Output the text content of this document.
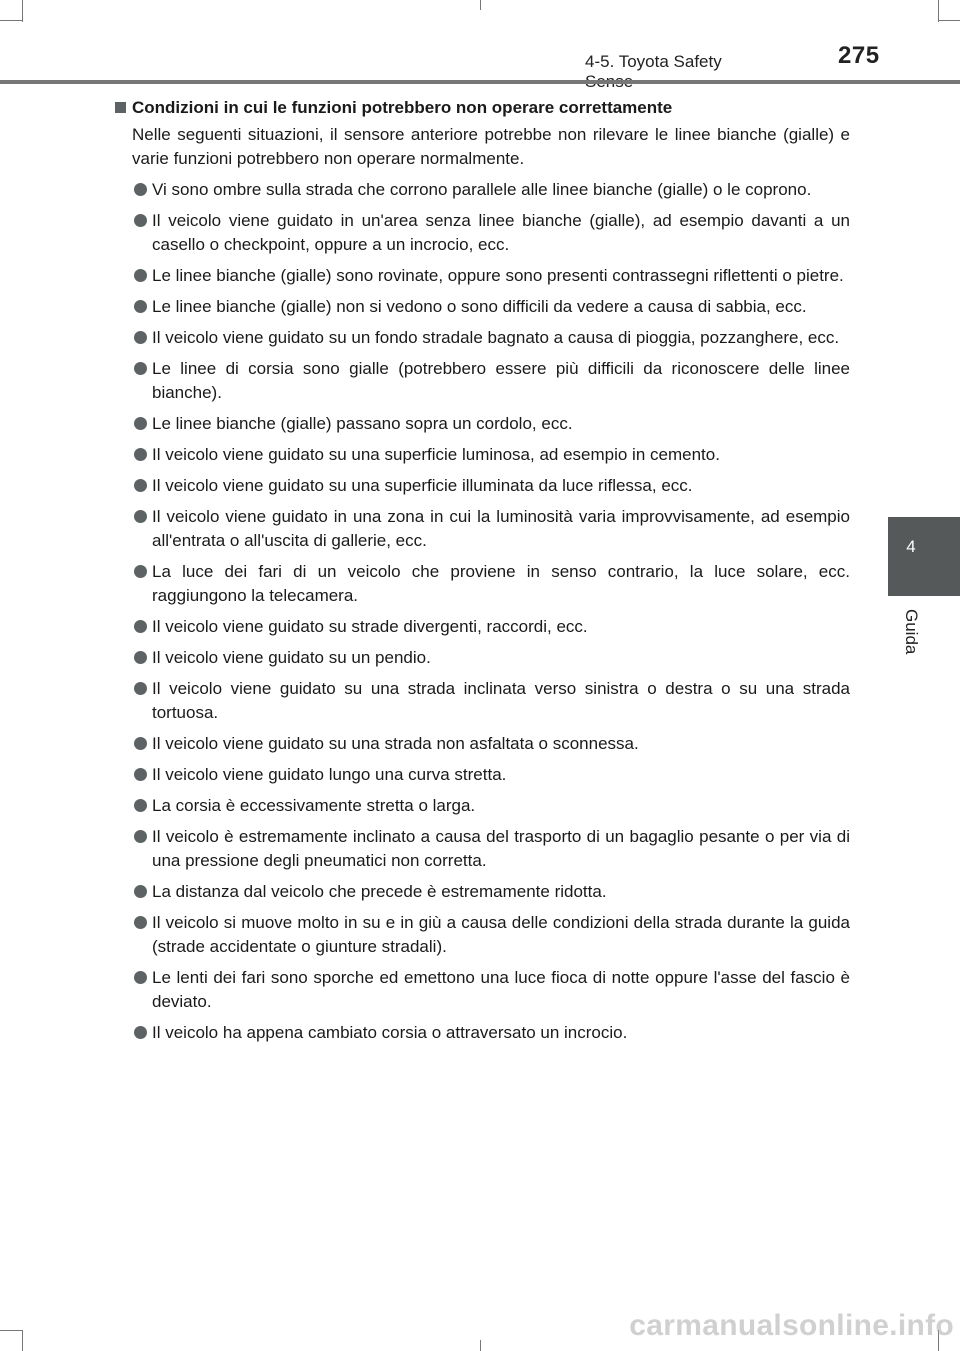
4-5. Toyota Safety	275
4
Guida
Condizioni in cui le funzioni potrebbero non operare correttamente
Nelle seguenti situazioni, il sensore anteriore potrebbe non rilevare le linee bianche (gialle) e varie funzioni potrebbero non operare normalmente.
Vi sono ombre sulla strada che corrono parallele alle linee bianche (gialle) o le coprono.
Il veicolo viene guidato in un'area senza linee bianche (gialle), ad esempio davanti a un casello o checkpoint, oppure a un incrocio, ecc.
Le linee bianche (gialle) sono rovinate, oppure sono presenti contrassegni riflettenti o pietre.
Le linee bianche (gialle) non si vedono o sono difficili da vedere a causa di sabbia, ecc.
Il veicolo viene guidato su un fondo stradale bagnato a causa di pioggia, pozzanghere, ecc.
Le linee di corsia sono gialle (potrebbero essere più difficili da riconoscere delle linee bianche).
Le linee bianche (gialle) passano sopra un cordolo, ecc.
Il veicolo viene guidato su una superficie luminosa, ad esempio in cemento.
Il veicolo viene guidato su una superficie illuminata da luce riflessa, ecc.
Il veicolo viene guidato in una zona in cui la luminosità varia improvvisamente, ad esempio all'entrata o all'uscita di gallerie, ecc.
La luce dei fari di un veicolo che proviene in senso contrario, la luce solare, ecc. raggiungono la telecamera.
Il veicolo viene guidato su strade divergenti, raccordi, ecc.
Il veicolo viene guidato su un pendio.
Il veicolo viene guidato su una strada inclinata verso sinistra o destra o su una strada tortuosa.
Il veicolo viene guidato su una strada non asfaltata o sconnessa.
Il veicolo viene guidato lungo una curva stretta.
La corsia è eccessivamente stretta o larga.
Il veicolo è estremamente inclinato a causa del trasporto di un bagaglio pesante o per via di una pressione degli pneumatici non corretta.
La distanza dal veicolo che precede è estremamente ridotta.
Il veicolo si muove molto in su e in giù a causa delle condizioni della strada durante la guida (strade accidentate o giunture stradali).
Le lenti dei fari sono sporche ed emettono una luce fioca di notte oppure l'asse del fascio è deviato.
Il veicolo ha appena cambiato corsia o attraversato un incrocio.
carmanualsonline.info
